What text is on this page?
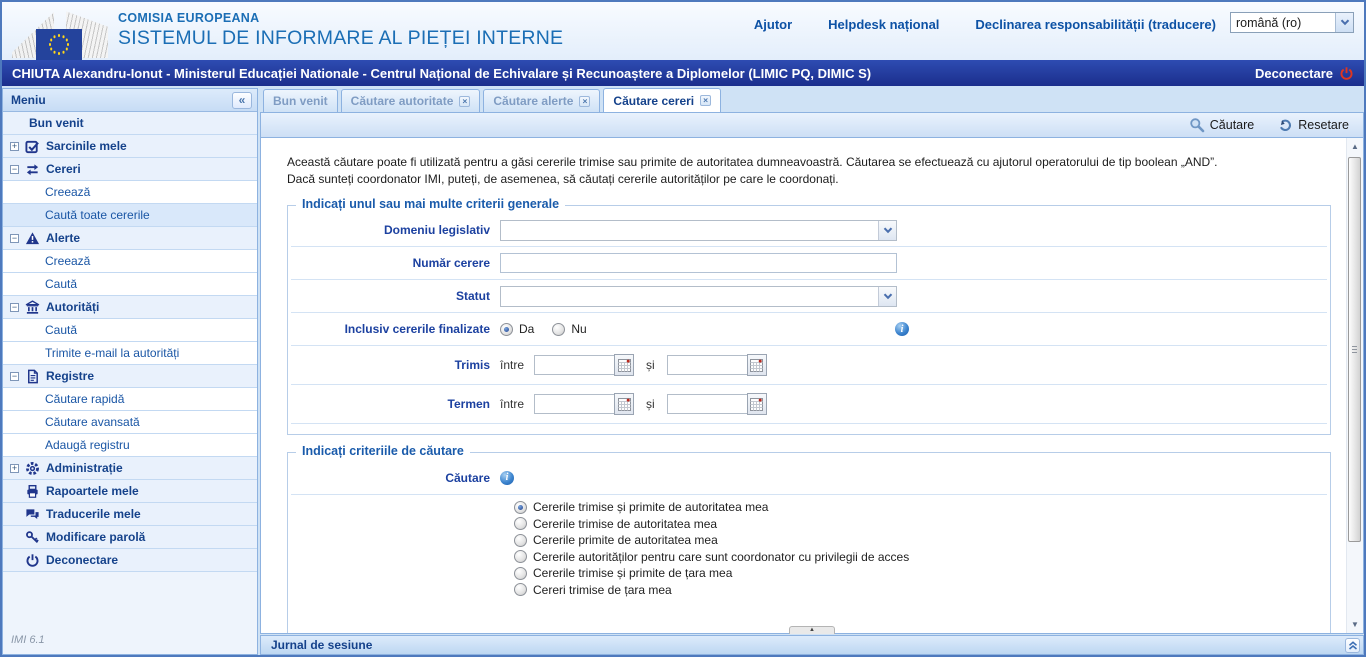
COMISIA EUROPEANA
SISTEMUL DE INFORMARE AL PIEȚEI INTERNE
Ajutor	Helpdesk național	Declinarea responsabilității (traducere)	română (ro)
CHIUTA Alexandru-Ionut - Ministerul Educației Nationale - Centrul Național de Echivalare și Recunoaștere a Diplomelor (LIMIC PQ, DIMIC S)	Deconectare
Meniu	«
Bun venit
+ Sarcinile mele
− Cereri
Creează
Caută toate cererile
− Alerte
Creează
Caută
− Autorități
Caută
Trimite e-mail la autorități
− Registre
Căutare rapidă
Căutare avansată
Adaugă registru
+ Administrație
Rapoartele mele
Traducerile mele
Modificare parolă
Deconectare
IMI 6.1
Bun venit Căutare autoritate	× Căutare alerte	× Căutare cereri	×
Căutare	Resetare
Această căutare poate fi utilizată pentru a găsi cererile trimise sau primite de autoritatea dumneavoastră. Căutarea se efectuează cu ajutorul operatorului de tip boolean „AND”.
Dacă sunteți coordonator IMI, puteți, de asemenea, să căutați cererile autorităților pe care le coordonați.
Indicați unul sau mai multe criterii generale
Domeniu legislativ
Număr cerere
Statut
Inclusiv cererile finalizate	Da	Nu	i
Trimis între	și
Termen între	și
Indicați criteriile de căutare
Căutare	i
Cererile trimise și primite de autoritatea mea
Cererile trimise de autoritatea mea
Cererile primite de autoritatea mea
Cererile autorităților pentru care sunt coordonator cu privilegii de acces
Cererile trimise și primite de țara mea
Cereri trimise de țara mea
▲
▼
▲
Jurnal de sesiune
